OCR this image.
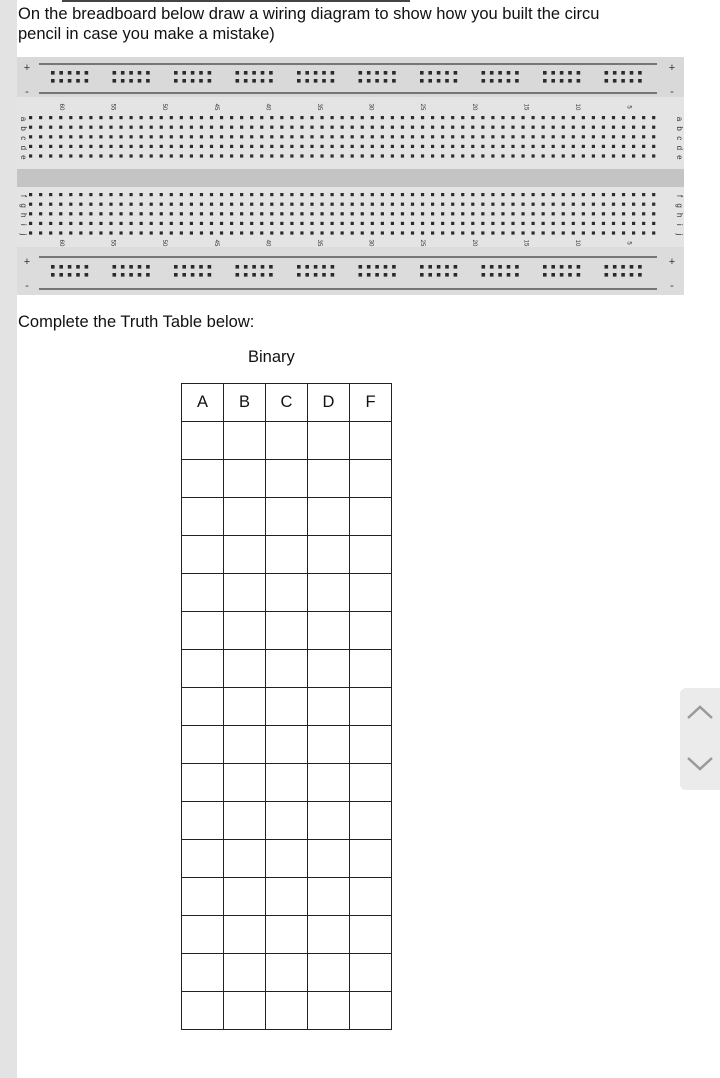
On the breadboard below draw a wiring diagram to show how you built the circu
pencil in case you make a mistake)
+
-
+
-
+
-
+
-
a	a
b	b
c	c
d	d
e	e
f	f
g	g
h	h
i	i
j	j
60
60
55
55
50
50
45
45
40
40
35
35
30
30
25
25
20
20
15
15
10
10
5
5
Complete the Truth Table below:
Binary
A	B	C	D	F
